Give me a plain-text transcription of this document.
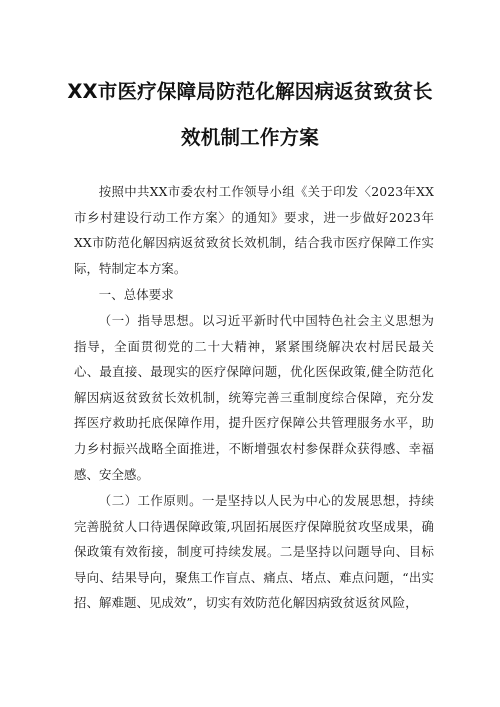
XX市医疗保障局防范化解因病返贫致贫长
效机制工作方案

按照中共XX市委农村工作领导小组《关于印发〈2023年XX市乡村建设行动工作方案〉的通知》要求，进一步做好2023年XX市防范化解因病返贫致贫长效机制，结合我市医疗保障工作实际，特制定本方案。

一、总体要求

（一）指导思想。以习近平新时代中国特色社会主义思想为指导，全面贯彻党的二十大精神，紧紧围绕解决农村居民最关心、最直接、最现实的医疗保障问题，优化医保政策,健全防范化解因病返贫致贫长效机制，统筹完善三重制度综合保障，充分发挥医疗救助托底保障作用，提升医疗保障公共管理服务水平，助力乡村振兴战略全面推进，不断增强农村参保群众获得感、幸福感、安全感。

（二）工作原则。一是坚持以人民为中心的发展思想，持续完善脱贫人口待遇保障政策,巩固拓展医疗保障脱贫攻坚成果，确保政策有效衔接，制度可持续发展。二是坚持以问题导向、目标导向、结果导向，聚焦工作盲点、痛点、堵点、难点问题，“出实招、解难题、见成效”，切实有效防范化解因病致贫返贫风险，
